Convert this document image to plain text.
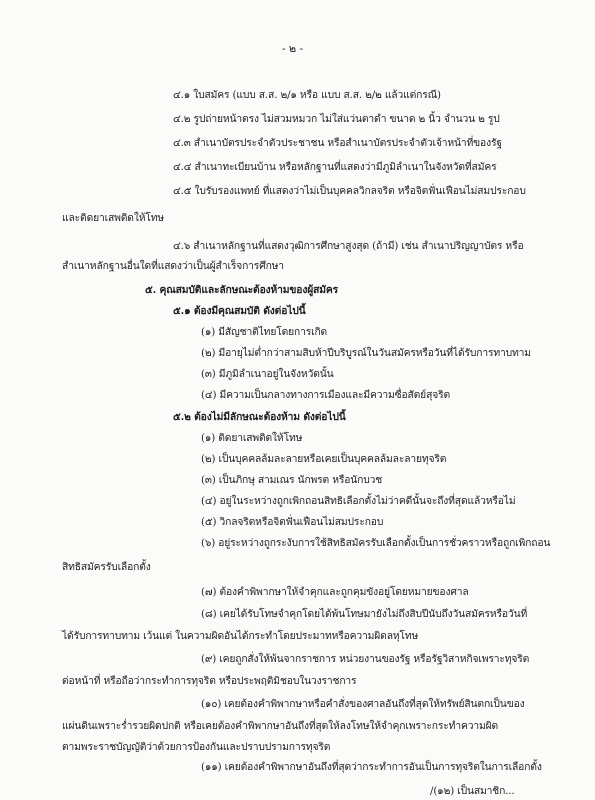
- ๒ -
๔.๑ ใบสมัคร (แบบ ส.ส. ๒/๑ หรือ แบบ ส.ส. ๒/๒ แล้วแต่กรณี)
๔.๒ รูปถ่ายหน้าตรง ไม่สวมหมวก ไม่ใส่แว่นตาดำ ขนาด ๒ นิ้ว จำนวน ๒ รูป
๔.๓ สำเนาบัตรประจำตัวประชาชน หรือสำเนาบัตรประจำตัวเจ้าหน้าที่ของรัฐ
๔.๔ สำเนาทะเบียนบ้าน หรือหลักฐานที่แสดงว่ามีภูมิลำเนาในจังหวัดที่สมัคร
๔.๕ ใบรับรองแพทย์ ที่แสดงว่าไม่เป็นบุคคลวิกลจริต หรือจิตฟั่นเฟือนไม่สมประกอบ
และติดยาเสพติดให้โทษ
๔.๖ สำเนาหลักฐานที่แสดงวุฒิการศึกษาสูงสุด (ถ้ามี) เช่น สำเนาปริญญาบัตร หรือ
สำเนาหลักฐานอื่นใดที่แสดงว่าเป็นผู้สำเร็จการศึกษา
๕. คุณสมบัติและลักษณะต้องห้ามของผู้สมัคร
๕.๑ ต้องมีคุณสมบัติ ดังต่อไปนี้
(๑) มีสัญชาติไทยโดยการเกิด
(๒) มีอายุไม่ต่ำกว่าสามสิบห้าปีบริบูรณ์ในวันสมัครหรือวันที่ได้รับการทาบทาม
(๓) มีภูมิลำเนาอยู่ในจังหวัดนั้น
(๔) มีความเป็นกลางทางการเมืองและมีความซื่อสัตย์สุจริต
๕.๒ ต้องไม่มีลักษณะต้องห้าม ดังต่อไปนี้
(๑) ติดยาเสพติดให้โทษ
(๒) เป็นบุคคลล้มละลายหรือเคยเป็นบุคคลล้มละลายทุจริต
(๓) เป็นภิกษุ สามเณร นักพรต หรือนักบวช
(๔) อยู่ในระหว่างถูกเพิกถอนสิทธิเลือกตั้งไม่ว่าคดีนั้นจะถึงที่สุดแล้วหรือไม่
(๕) วิกลจริตหรือจิตฟั่นเฟือนไม่สมประกอบ
(๖) อยู่ระหว่างถูกระงับการใช้สิทธิสมัครรับเลือกตั้งเป็นการชั่วคราวหรือถูกเพิกถอน
สิทธิสมัครรับเลือกตั้ง
(๗) ต้องคำพิพากษาให้จำคุกและถูกคุมขังอยู่โดยหมายของศาล
(๘) เคยได้รับโทษจำคุกโดยได้พ้นโทษมายังไม่ถึงสิบปีนับถึงวันสมัครหรือวันที่
ได้รับการทาบทาม เว้นแต่ ในความผิดอันได้กระทำโดยประมาทหรือความผิดลหุโทษ
(๙) เคยถูกสั่งให้พ้นจากราชการ หน่วยงานของรัฐ หรือรัฐวิสาหกิจเพราะทุจริต
ต่อหน้าที่ หรือถือว่ากระทำการทุจริต หรือประพฤติมิชอบในวงราชการ
(๑๐) เคยต้องคำพิพากษาหรือคำสั่งของศาลอันถึงที่สุดให้ทรัพย์สินตกเป็นของ
แผ่นดินเพราะร่ำรวยผิดปกติ หรือเคยต้องคำพิพากษาอันถึงที่สุดให้ลงโทษให้จำคุกเพราะกระทำความผิด
ตามพระราชบัญญัติว่าด้วยการป้องกันและปราบปรามการทุจริต
(๑๑) เคยต้องคำพิพากษาอันถึงที่สุดว่ากระทำการอันเป็นการทุจริตในการเลือกตั้ง
/(๑๒) เป็นสมาชิก...
